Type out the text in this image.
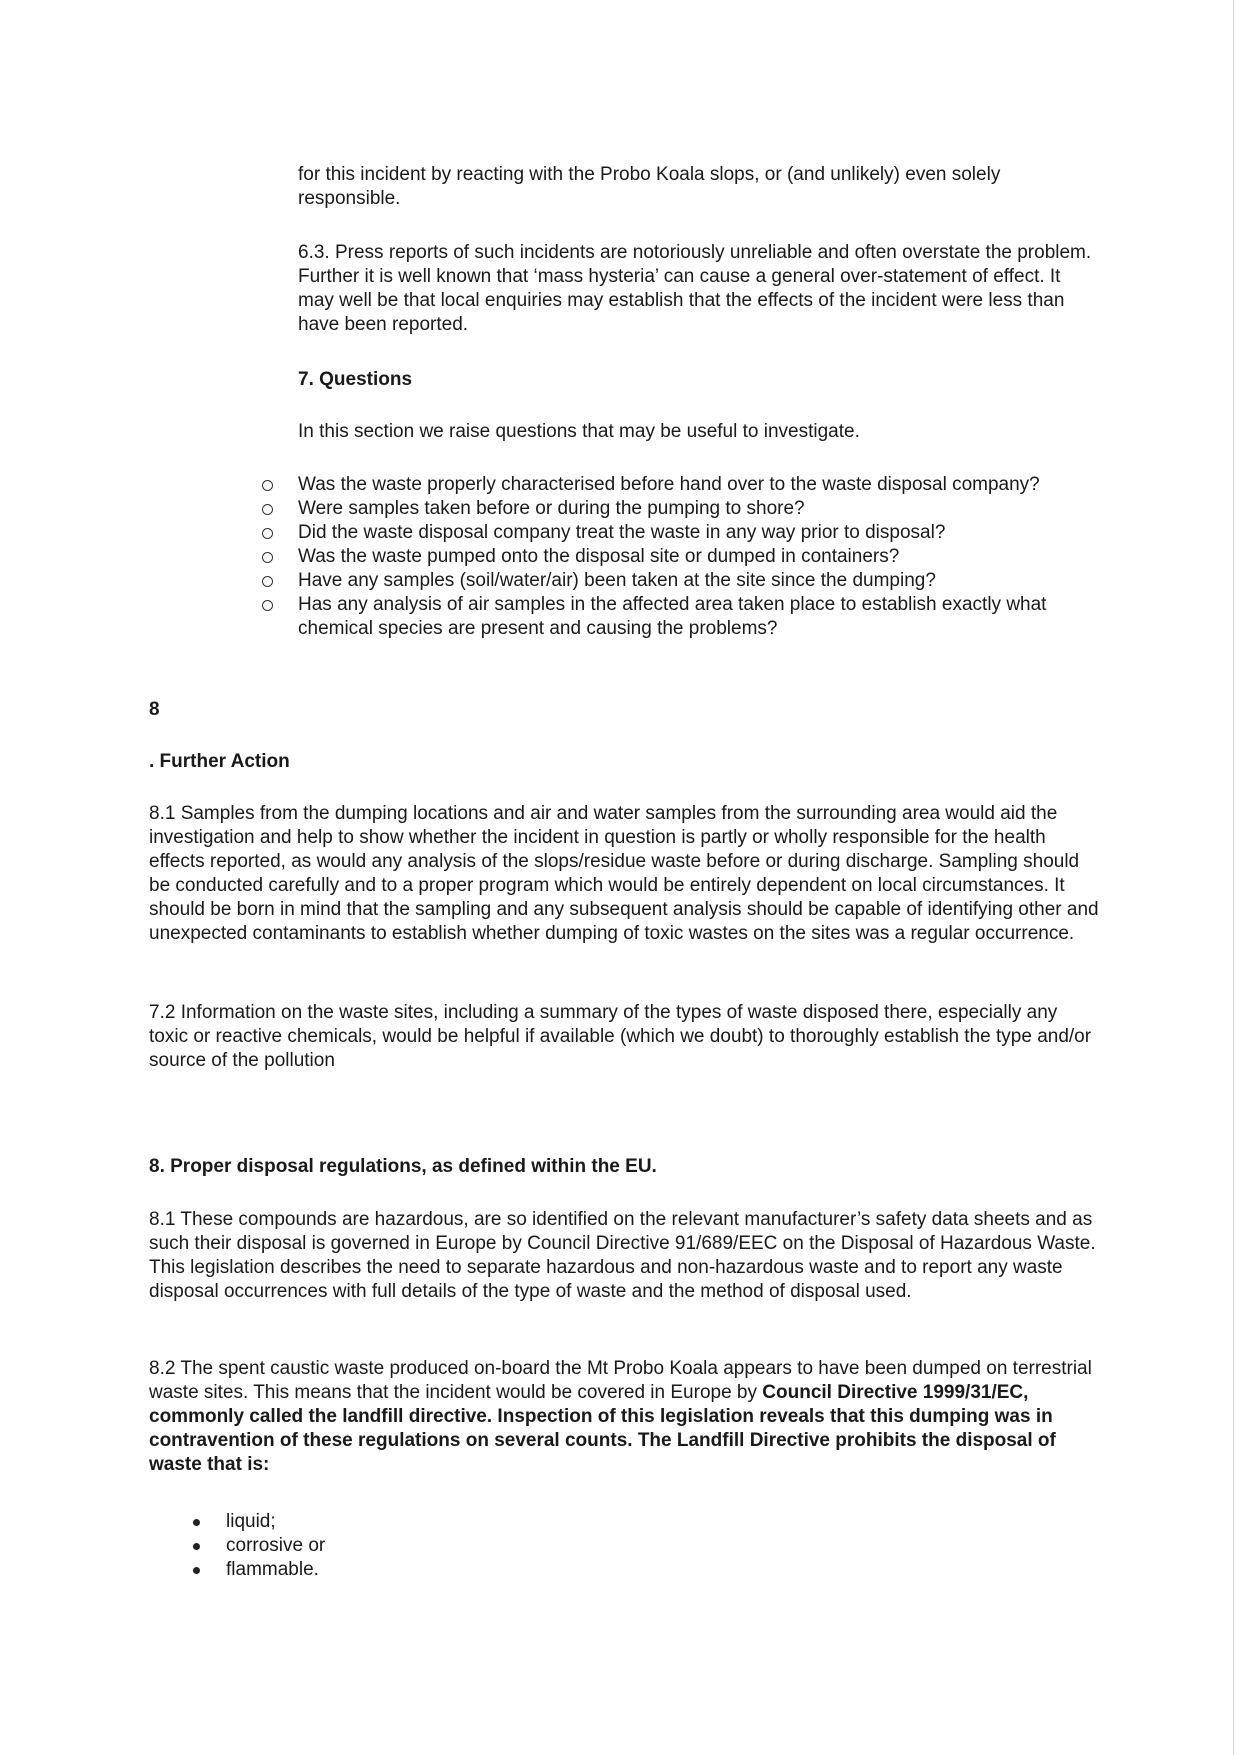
for this incident by reacting with the Probo Koala slops, or (and unlikely) even solely responsible.

6.3. Press reports of such incidents are notoriously unreliable and often overstate the problem. Further it is well known that ‘mass hysteria’ can cause a general over-statement of effect. It may well be that local enquiries may establish that the effects of the incident were less than have been reported.

7. Questions

In this section we raise questions that may be useful to investigate.

Was the waste properly characterised before hand over to the waste disposal company?
Were samples taken before or during the pumping to shore?
Did the waste disposal company treat the waste in any way prior to disposal?
Was the waste pumped onto the disposal site or dumped in containers?
Have any samples (soil/water/air) been taken at the site since the dumping?
Has any analysis of air samples in the affected area taken place to establish exactly what chemical species are present and causing the problems?

8

. Further Action

8.1 Samples from the dumping locations and air and water samples from the surrounding area would aid the investigation and help to show whether the incident in question is partly or wholly responsible for the health effects reported, as would any analysis of the slops/residue waste before or during discharge. Sampling should be conducted carefully and to a proper program which would be entirely dependent on local circumstances. It should be born in mind that the sampling and any subsequent analysis should be capable of identifying other and unexpected contaminants to establish whether dumping of toxic wastes on the sites was a regular occurrence.

7.2 Information on the waste sites, including a summary of the types of waste disposed there, especially any toxic or reactive chemicals, would be helpful if available (which we doubt) to thoroughly establish the type and/or source of the pollution

8. Proper disposal regulations, as defined within the EU.

8.1 These compounds are hazardous, are so identified on the relevant manufacturer’s safety data sheets and as such their disposal is governed in Europe by Council Directive 91/689/EEC on the Disposal of Hazardous Waste. This legislation describes the need to separate hazardous and non-hazardous waste and to report any waste disposal occurrences with full details of the type of waste and the method of disposal used.

8.2 The spent caustic waste produced on-board the Mt Probo Koala appears to have been dumped on terrestrial waste sites. This means that the incident would be covered in Europe by Council Directive 1999/31/EC, commonly called the landfill directive. Inspection of this legislation reveals that this dumping was in contravention of these regulations on several counts. The Landfill Directive prohibits the disposal of waste that is:

liquid;
corrosive or
flammable.
